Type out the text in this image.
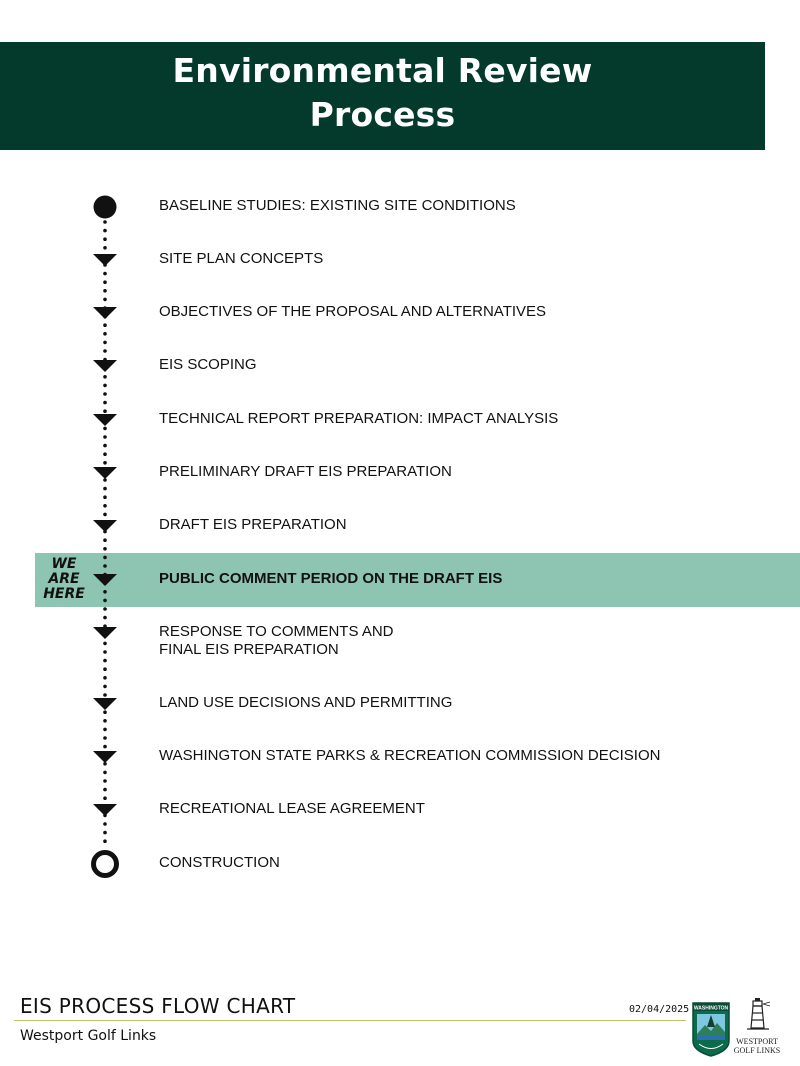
Environmental Review
Process
WE
ARE
HERE
BASELINE STUDIES: EXISTING SITE CONDITIONS
SITE PLAN CONCEPTS
OBJECTIVES OF THE PROPOSAL AND ALTERNATIVES
EIS SCOPING
TECHNICAL REPORT PREPARATION: IMPACT ANALYSIS
PRELIMINARY DRAFT EIS PREPARATION
DRAFT EIS PREPARATION
PUBLIC COMMENT PERIOD ON THE DRAFT EIS
RESPONSE TO COMMENTS AND
FINAL EIS PREPARATION
LAND USE DECISIONS AND PERMITTING
WASHINGTON STATE PARKS & RECREATION COMMISSION DECISION
RECREATIONAL LEASE AGREEMENT
CONSTRUCTION
EIS PROCESS FLOW CHART
Westport Golf Links
02/04/2025 WASHINGTON
WESTPORT
GOLF LINKS
